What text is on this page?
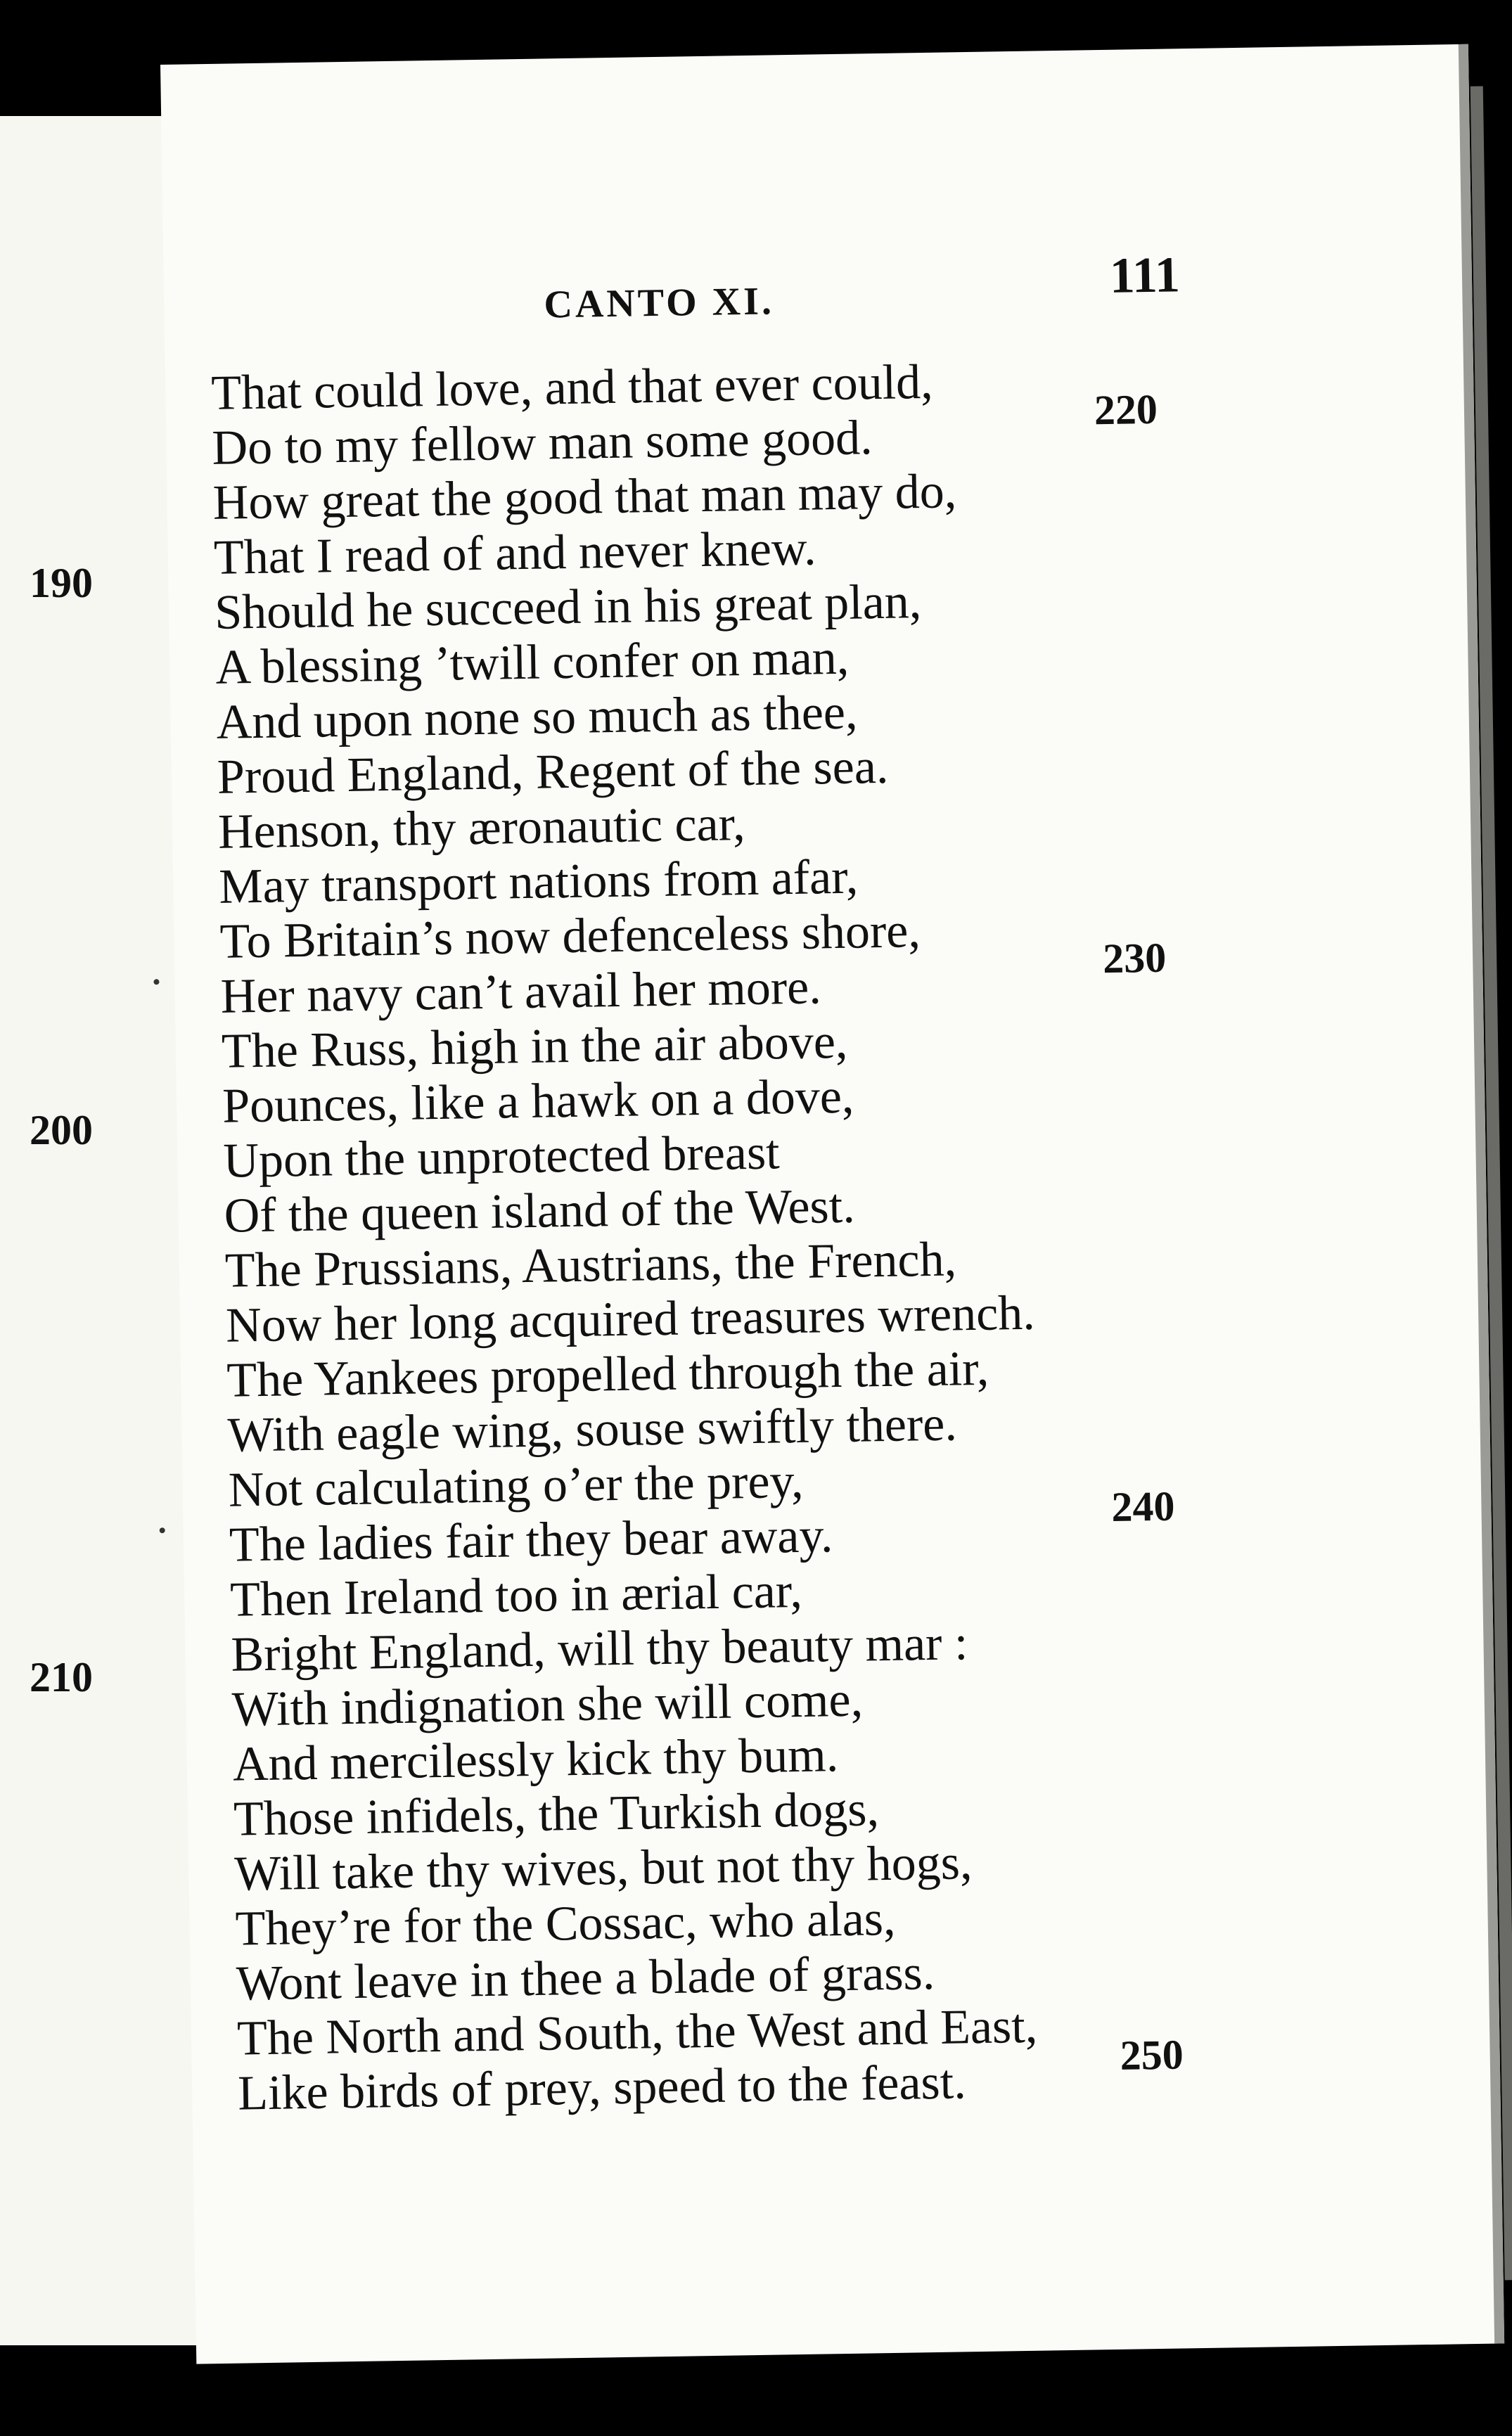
190
200
210
CANTO XI.	111
That could love, and that ever could,
Do to my fellow man some good.
How great the good that man may do,
That I read of and never knew.
Should he succeed in his great plan,
A blessing ’twill confer on man,
And upon none so much as thee,
Proud England, Regent of the sea.
Henson, thy æronautic car,
May transport nations from afar,
To Britain’s now defenceless shore,
Her navy can’t avail her more.
The Russ, high in the air above,
Pounces, like a hawk on a dove,
Upon the unprotected breast
Of the queen island of the West.
The Prussians, Austrians, the French,
Now her long acquired treasures wrench.
The Yankees propelled through the air,
With eagle wing, souse swiftly there.
Not calculating o’er the prey,
The ladies fair they bear away.
Then Ireland too in ærial car,
Bright England, will thy beauty mar :
With indignation she will come,
And mercilessly kick thy bum.
Those infidels, the Turkish dogs,
Will take thy wives, but not thy hogs,
They’re for the Cossac, who alas,
Wont leave in thee a blade of grass.
The North and South, the West and East,
Like birds of prey, speed to the feast.
220
230
240
250
